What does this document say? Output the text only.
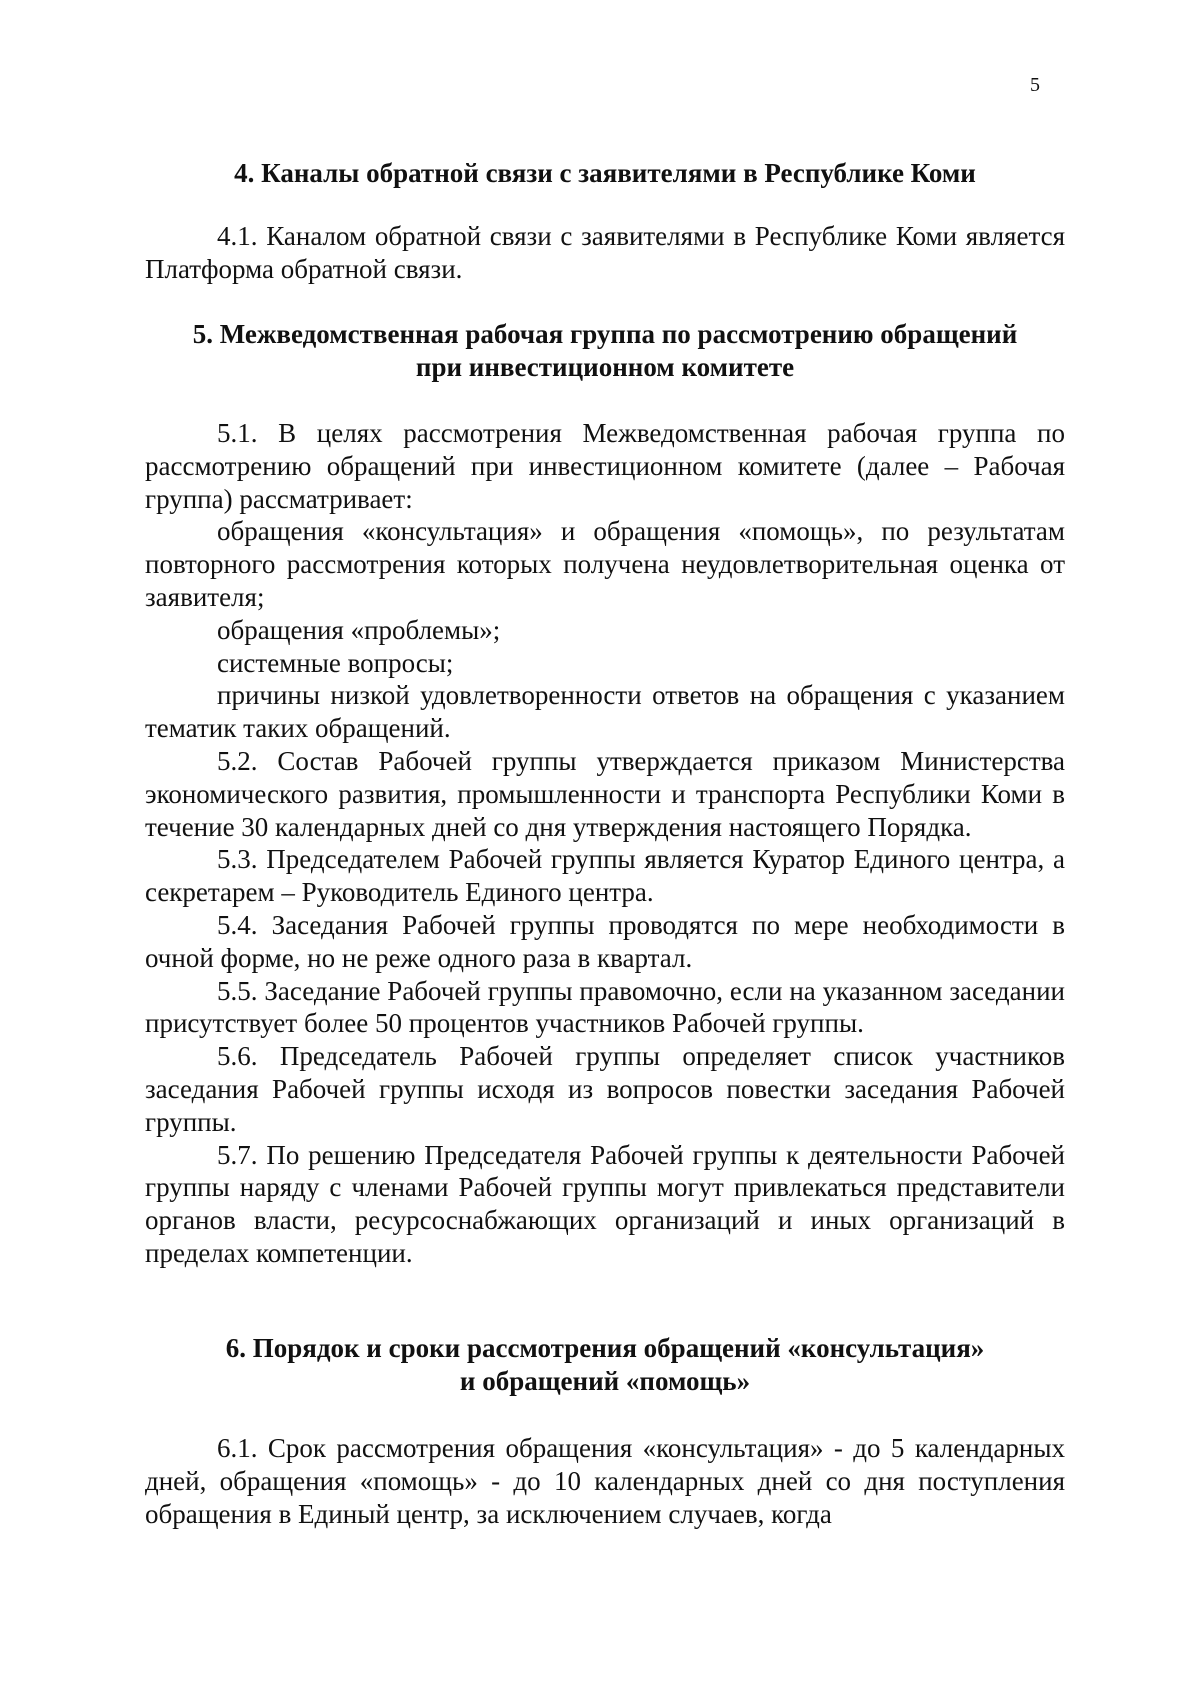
5
4. Каналы обратной связи с заявителями в Республике Коми

4.1. Каналом обратной связи с заявителями в Республике Коми является Платформа обратной связи.

5. Межведомственная рабочая группа по рассмотрению обращений
при инвестиционном комитете

5.1. В целях рассмотрения Межведомственная рабочая группа по рассмотрению обращений при инвестиционном комитете (далее – Рабочая группа) рассматривает:

обращения «консультация» и обращения «помощь», по результатам повторного рассмотрения которых получена неудовлетворительная оценка от заявителя;

обращения «проблемы»;

системные вопросы;

причины низкой удовлетворенности ответов на обращения с указанием тематик таких обращений.

5.2. Состав Рабочей группы утверждается приказом Министерства экономического развития, промышленности и транспорта Республики Коми в течение 30 календарных дней со дня утверждения настоящего Порядка.

5.3. Председателем Рабочей группы является Куратор Единого центра, а секретарем – Руководитель Единого центра.

5.4. Заседания Рабочей группы проводятся по мере необходимости в очной форме, но не реже одного раза в квартал.

5.5. Заседание Рабочей группы правомочно, если на указанном заседании присутствует более 50 процентов участников Рабочей группы.

5.6. Председатель Рабочей группы определяет список участников заседания Рабочей группы исходя из вопросов повестки заседания Рабочей группы.

5.7. По решению Председателя Рабочей группы к деятельности Рабочей группы наряду с членами Рабочей группы могут привлекаться представители органов власти, ресурсоснабжающих организаций и иных организаций в пределах компетенции.

6. Порядок и сроки рассмотрения обращений «консультация»
и обращений «помощь»

6.1. Срок рассмотрения обращения «консультация» - до 5 календарных дней, обращения «помощь» - до 10 календарных дней со дня поступления обращения в Единый центр, за исключением случаев, когда
